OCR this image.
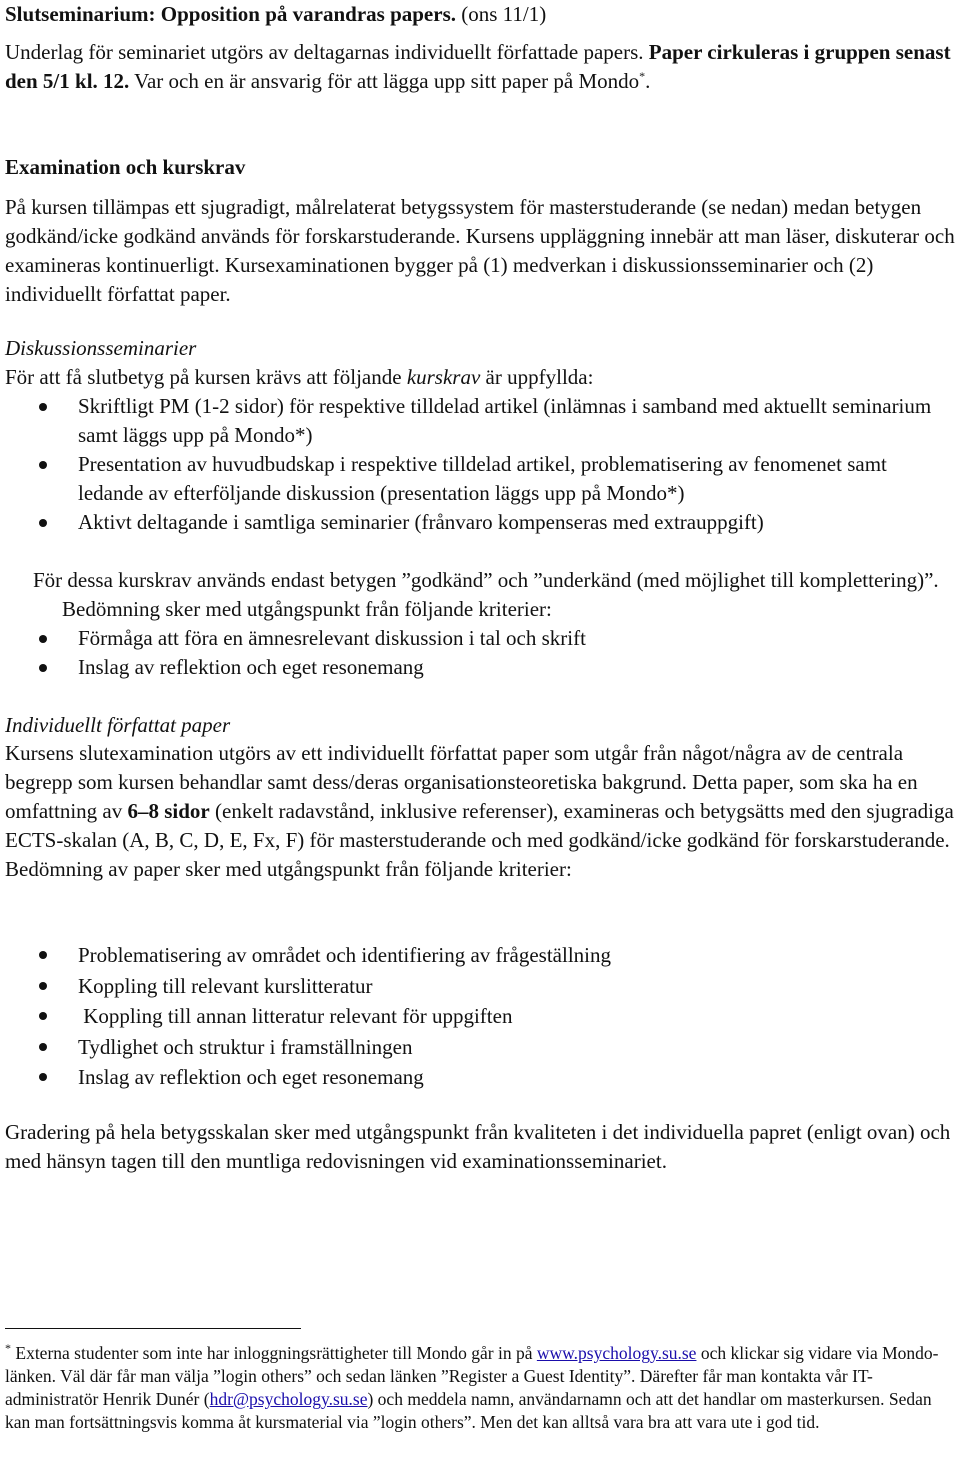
Slutseminarium: Opposition på varandras papers. (ons 11/1)

Underlag för seminariet utgörs av deltagarnas individuellt författade papers. Paper cirkuleras i gruppen senast den 5/1 kl. 12. Var och en är ansvarig för att lägga upp sitt paper på Mondo*.

Examination och kurskrav

På kursen tillämpas ett sjugradigt, målrelaterat betygssystem för masterstuderande (se nedan) medan betygen godkänd/icke godkänd används för forskarstuderande. Kursens uppläggning innebär att man läser, diskuterar och examineras kontinuerligt. Kursexaminationen bygger på (1) medverkan i diskussionsseminarier och (2) individuellt författat paper.

Diskussionsseminarier

För att få slutbetyg på kursen krävs att följande kurskrav är uppfyllda:

Skriftligt PM (1-2 sidor) för respektive tilldelad artikel (inlämnas i samband med aktuellt seminarium samt läggs upp på Mondo*)
Presentation av huvudbudskap i respektive tilldelad artikel, problematisering av fenomenet samt ledande av efterföljande diskussion (presentation läggs upp på Mondo*)
Aktivt deltagande i samtliga seminarier (frånvaro kompenseras med extrauppgift)

För dessa kurskrav används endast betygen ”godkänd” och ”underkänd (med möjlighet till komplettering)”. Bedömning sker med utgångspunkt från följande kriterier:

Förmåga att föra en ämnesrelevant diskussion i tal och skrift
Inslag av reflektion och eget resonemang

Individuellt författat paper

Kursens slutexamination utgörs av ett individuellt författat paper som utgår från något/några av de centrala begrepp som kursen behandlar samt dess/deras organisationsteoretiska bakgrund. Detta paper, som ska ha en omfattning av 6–8 sidor (enkelt radavstånd, inklusive referenser), examineras och betygsätts med den sjugradiga ECTS-skalan (A, B, C, D, E, Fx, F) för masterstuderande och med godkänd/icke godkänd för forskarstuderande. Bedömning av paper sker med utgångspunkt från följande kriterier:

Problematisering av området och identifiering av frågeställning
Koppling till relevant kurslitteratur
Koppling till annan litteratur relevant för uppgiften
Tydlighet och struktur i framställningen
Inslag av reflektion och eget resonemang

Gradering på hela betygsskalan sker med utgångspunkt från kvaliteten i det individuella papret (enligt ovan) och med hänsyn tagen till den muntliga redovisningen vid examinationsseminariet.

* Externa studenter som inte har inloggningsrättigheter till Mondo går in på www.psychology.su.se och klickar sig vidare via Mondo-länken. Väl där får man välja ”login others” och sedan länken ”Register a Guest Identity”. Därefter får man kontakta vår IT-administratör Henrik Dunér (hdr@psychology.su.se) och meddela namn, användarnamn och att det handlar om masterkursen. Sedan kan man fortsättningsvis komma åt kursmaterial via ”login others”. Men det kan alltså vara bra att vara ute i god tid.
